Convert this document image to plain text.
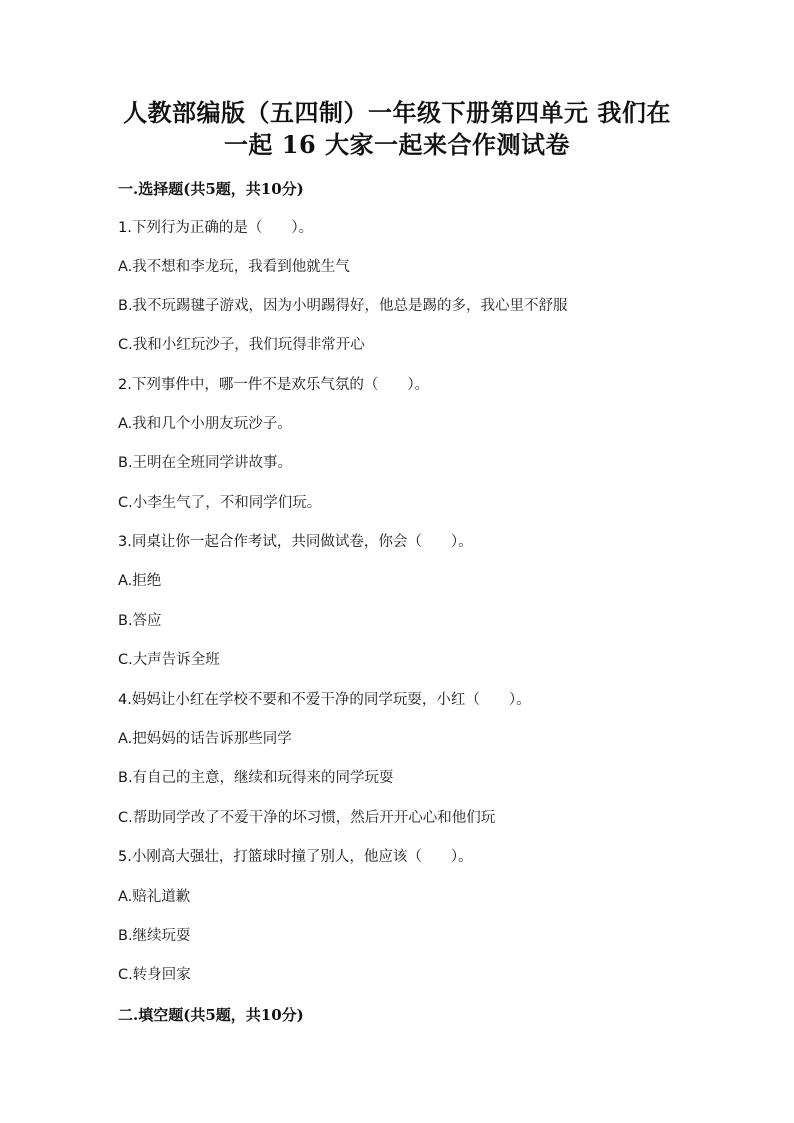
人教部编版（五四制）一年级下册第四单元 我们在
一起 16 大家一起来合作测试卷
一.选择题(共5题，共10分)
1.下列行为正确的是（　　）。
A.我不想和李龙玩，我看到他就生气
B.我不玩踢毽子游戏，因为小明踢得好，他总是踢的多，我心里不舒服
C.我和小红玩沙子，我们玩得非常开心
2.下列事件中，哪一件不是欢乐气氛的（　　）。
A.我和几个小朋友玩沙子。
B.王明在全班同学讲故事。
C.小李生气了，不和同学们玩。
3.同桌让你一起合作考试，共同做试卷，你会（　　）。
A.拒绝
B.答应
C.大声告诉全班
4.妈妈让小红在学校不要和不爱干净的同学玩耍，小红（　　）。
A.把妈妈的话告诉那些同学
B.有自己的主意，继续和玩得来的同学玩耍
C.帮助同学改了不爱干净的坏习惯，然后开开心心和他们玩
5.小刚高大强壮，打篮球时撞了别人，他应该（　　）。
A.赔礼道歉
B.继续玩耍
C.转身回家
二.填空题(共5题，共10分)
